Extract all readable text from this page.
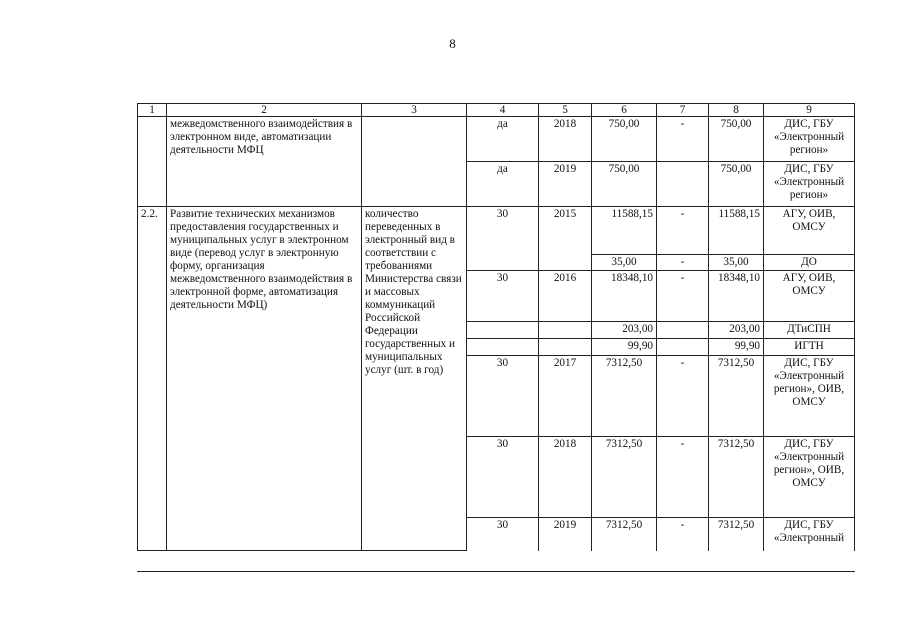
8
1	2	3	4	5	6	7	8	9
	межведомственного взаимодействия в электронном виде, автоматизации деятельности МФЦ		да	2018	750,00	-	750,00	ДИС, ГБУ «Электронный регион»
			да	2019	750,00		750,00	ДИС, ГБУ «Электронный регион»
2.2.	Развитие технических механизмов предоставления государственных и муниципальных услуг в электронном виде (перевод услуг в электронную форму, организация межведомственного взаимодействия в электронной форме, автоматизация деятельности МФЦ)	количество переведенных в электронный вид в соответствии с требованиями Министерства связи и массовых коммуникаций Российской Федерации государственных и муниципальных услуг (шт. в год)	30	2015	11588,15	-	11588,15	АГУ, ОИВ, ОМСУ
					35,00	-	35,00	ДО
			30	2016	18348,10	-	18348,10	АГУ, ОИВ, ОМСУ
					203,00		203,00	ДТиСПН
					99,90		99,90	ИГТН
			30	2017	7312,50	-	7312,50	ДИС, ГБУ «Электронный регион», ОИВ, ОМСУ
			30	2018	7312,50	-	7312,50	ДИС, ГБУ «Электронный регион», ОИВ, ОМСУ
			30	2019	7312,50	-	7312,50	ДИС, ГБУ «Электронный
